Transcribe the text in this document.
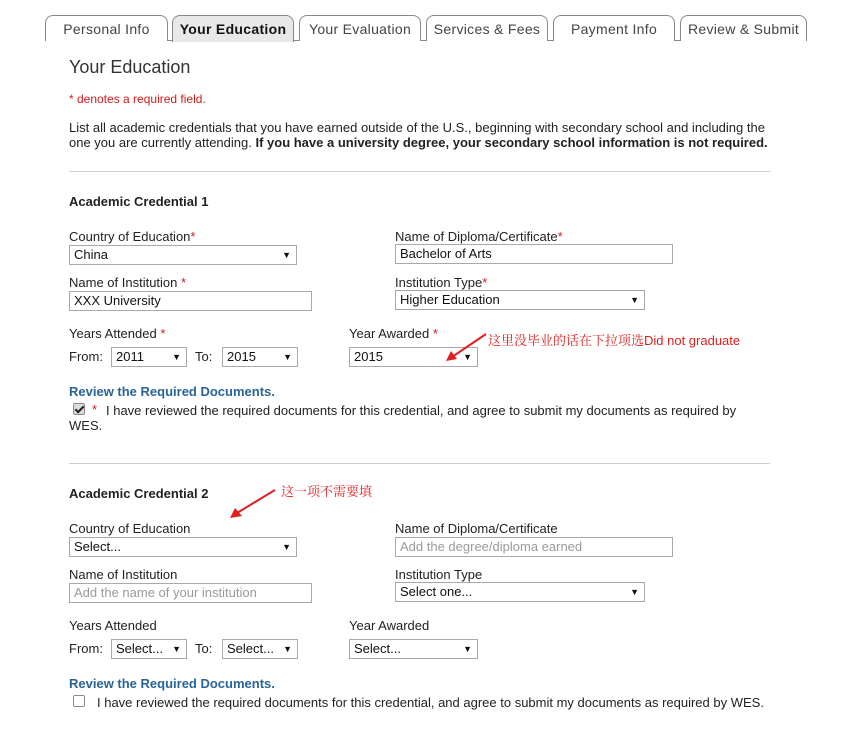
Personal Info	Your Education	Your Evaluation	Services & Fees	Payment Info	Review & Submit
Your Education
* denotes a required field.
List all academic credentials that you have earned outside of the U.S., beginning with secondary school and including the one you are currently attending. If you have a university degree, your secondary school information is not required.
Academic Credential 1
Country of Education*
China	▼
Name of Diploma/Certificate*
Bachelor of Arts
Name of Institution *
XXX University
Institution Type*
Higher Education	▼
Years Attended *
From:	2011	▼ To:	2015	▼
Year Awarded *
2015	▼
这里没毕业的话在下拉项选Did not graduate
Review the Required Documents.
* I have reviewed the required documents for this credential, and agree to submit my documents as required by WES.
Academic Credential 2	这一项不需要填
Country of Education
Select...	▼
Name of Diploma/Certificate
Add the degree/diploma earned
Name of Institution
Add the name of your institution
Institution Type
Select one...	▼
Years Attended
From:	Select... ▼ To:	Select... ▼
Year Awarded
Select...	▼
Review the Required Documents.
I have reviewed the required documents for this credential, and agree to submit my documents as required by WES.
